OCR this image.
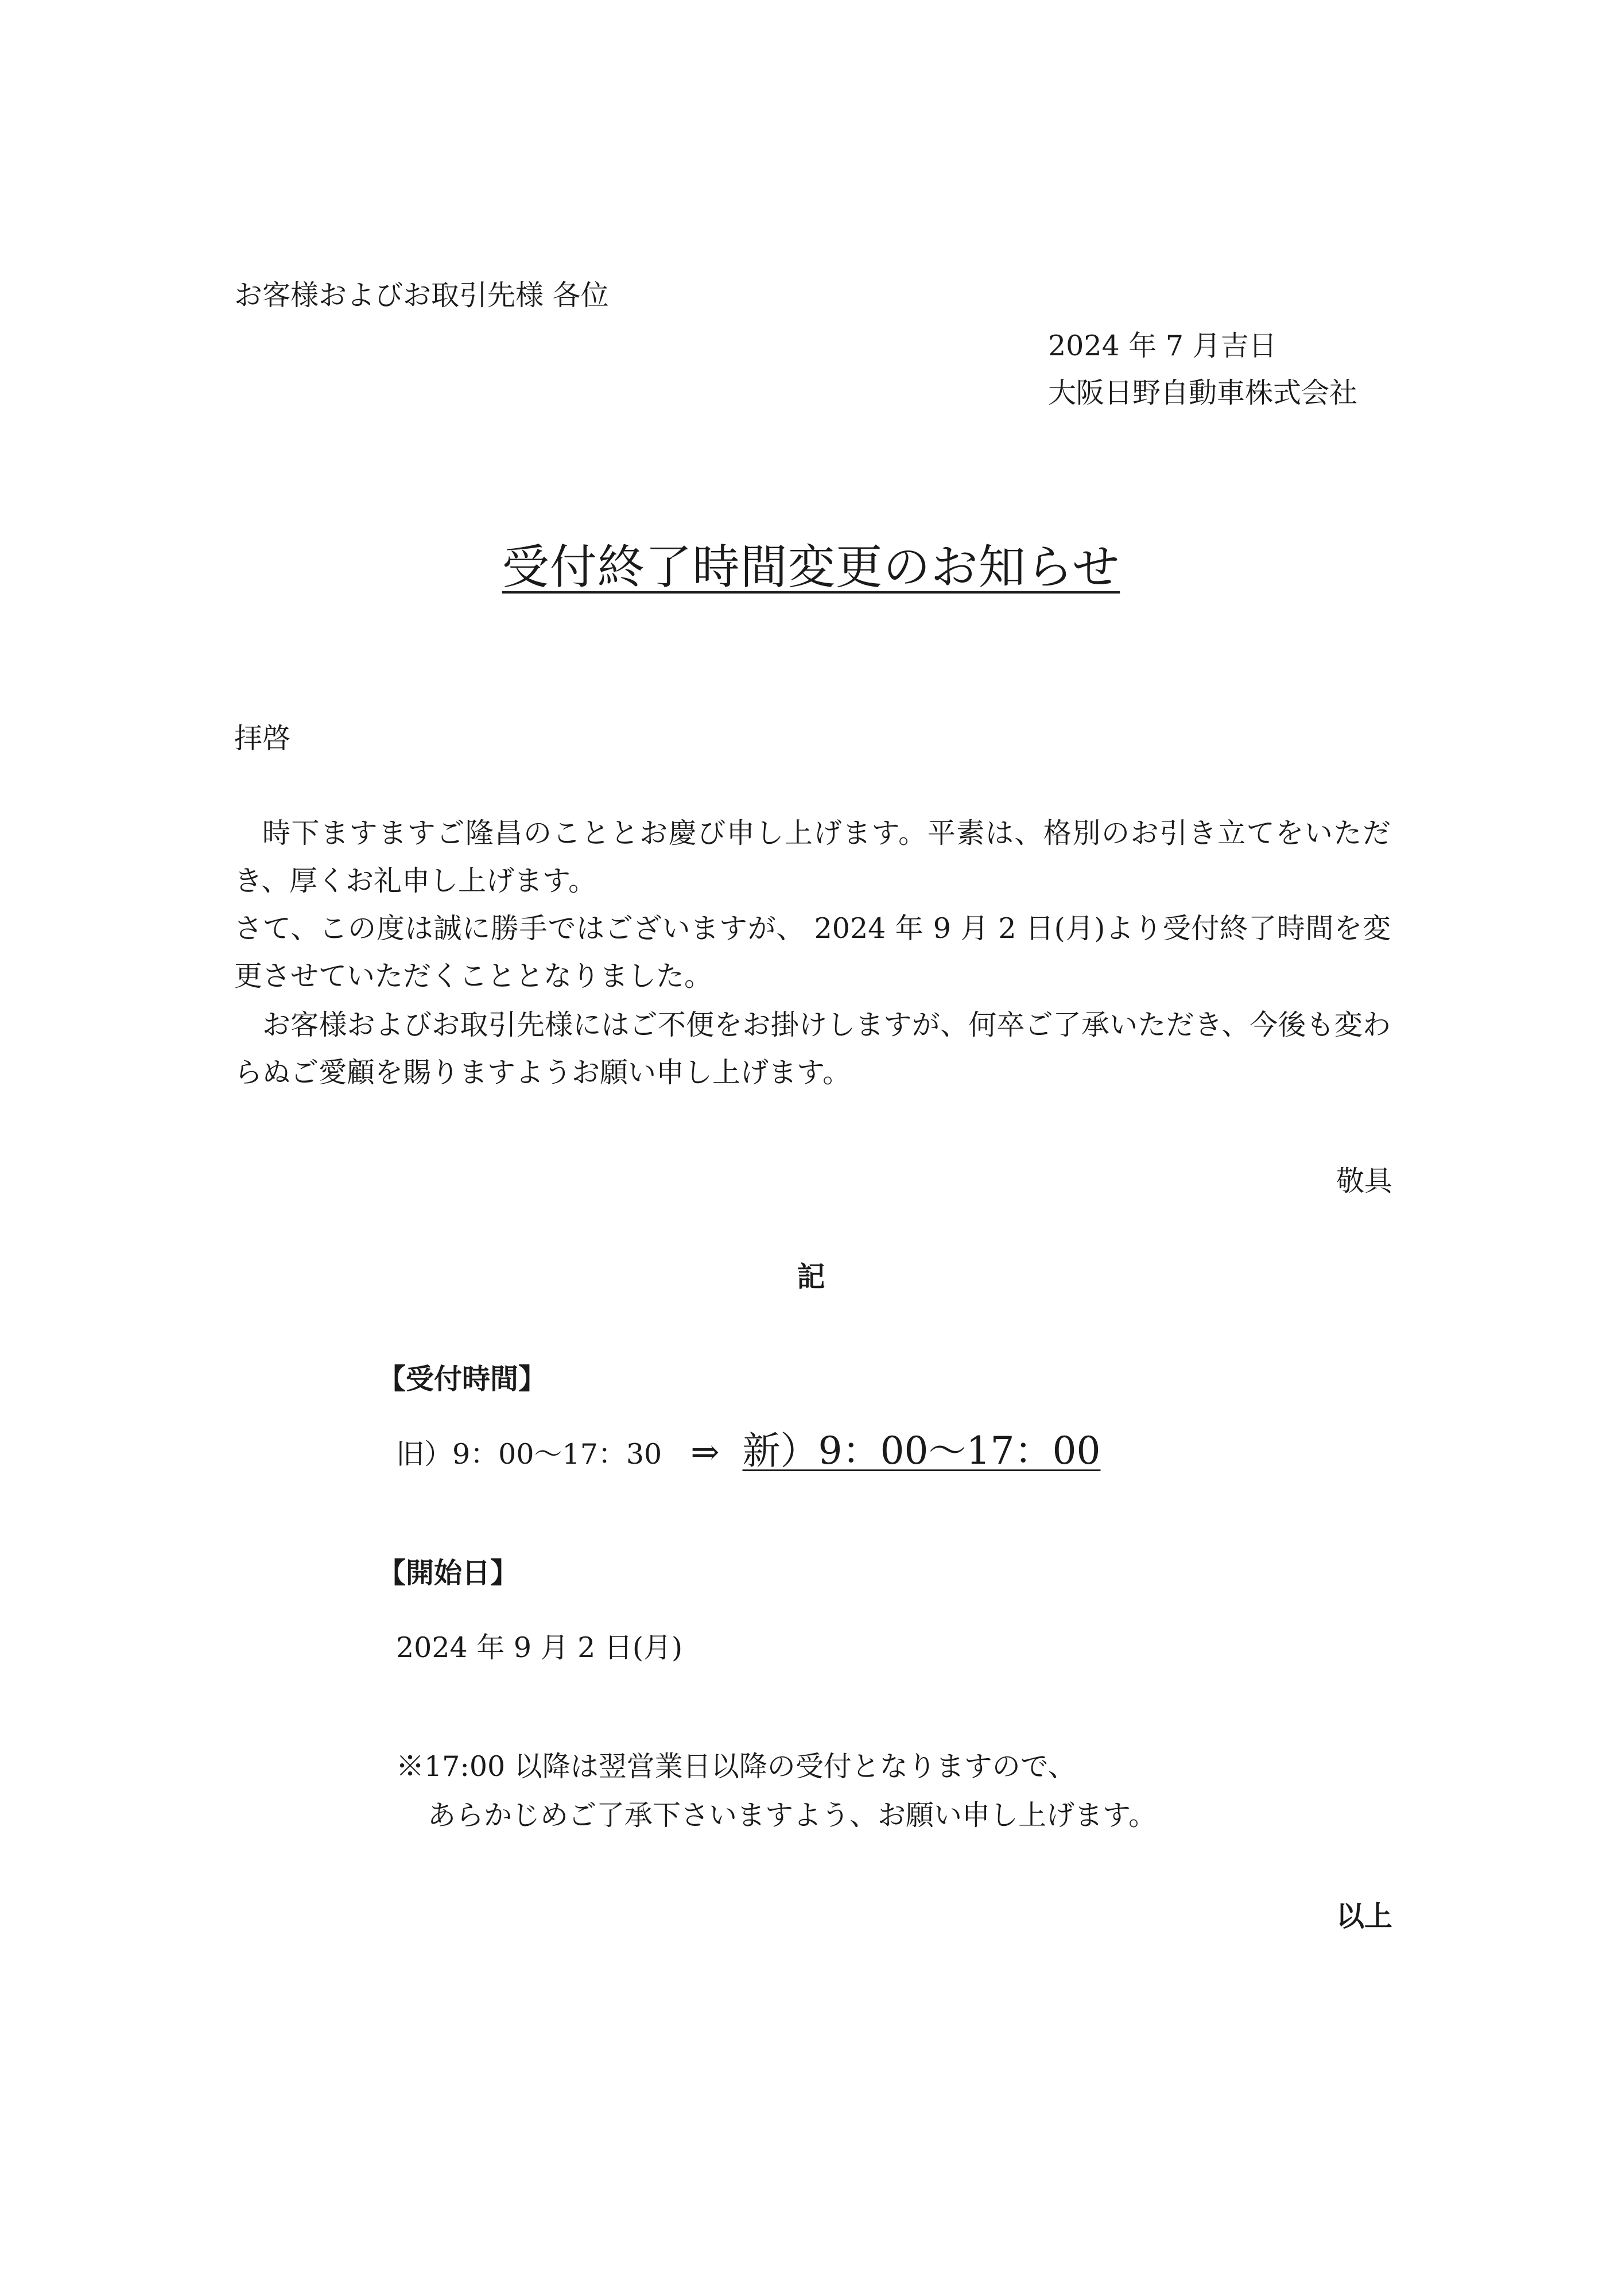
お客様およびお取引先様 各位
2024 年 7 月吉日
大阪日野自動車株式会社
受付終了時間変更のお知らせ
拝啓

時下ますますご隆昌のこととお慶び申し上げます。平素は、格別のお引き立てをいただき、厚くお礼申し上げます。

さて、この度は誠に勝手ではございますが、 2024 年 9 月 2 日(月)より受付終了時間を変更させていただくこととなりました。

お客様およびお取引先様にはご不便をお掛けしますが、何卒ご了承いただき、今後も変わらぬご愛顧を賜りますようお願い申し上げます。

敬具
記
【受付時間】
旧）9：00～17：30 ⇒ 新）9：00～17：00
【開始日】
2024 年 9 月 2 日(月)
※17:00 以降は翌営業日以降の受付となりますので、
あらかじめご了承下さいますよう、お願い申し上げます。
以上
